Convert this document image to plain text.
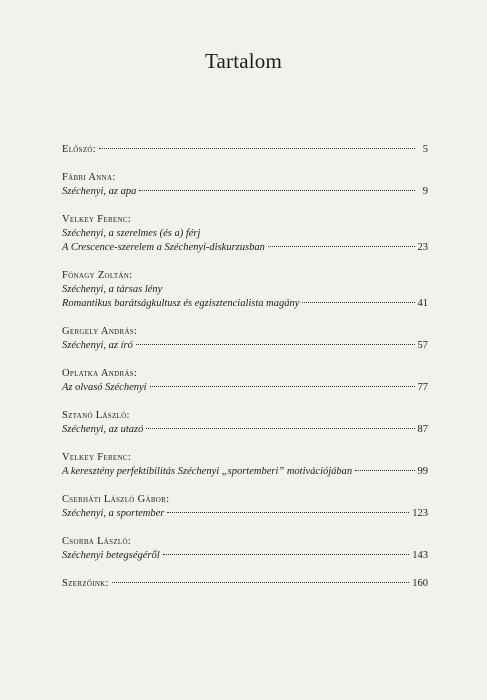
Tartalom
Előszó:	5
Fábri Anna:
Széchenyi, az apa	9
Velkey Ferenc:
Széchenyi, a szerelmes (és a) férj
A Crescence-szerelem a Széchenyi-diskurzusban	23
Fónagy Zoltán:
Széchenyi, a társas lény
Romantikus barátságkultusz és egzisztencialista magány	41
Gergely András:
Széchenyi, az író	57
Oplatka András:
Az olvasó Széchenyi	77
Sztanó László:
Széchenyi, az utazó	87
Velkey Ferenc:
A keresztény perfektibilitás Széchenyi „sportemberi” motivációjában	99
Cserháti László Gábor:
Széchenyi, a sportember	123
Csorba László:
Széchenyi betegségéről	143
Szerzőink:	160
